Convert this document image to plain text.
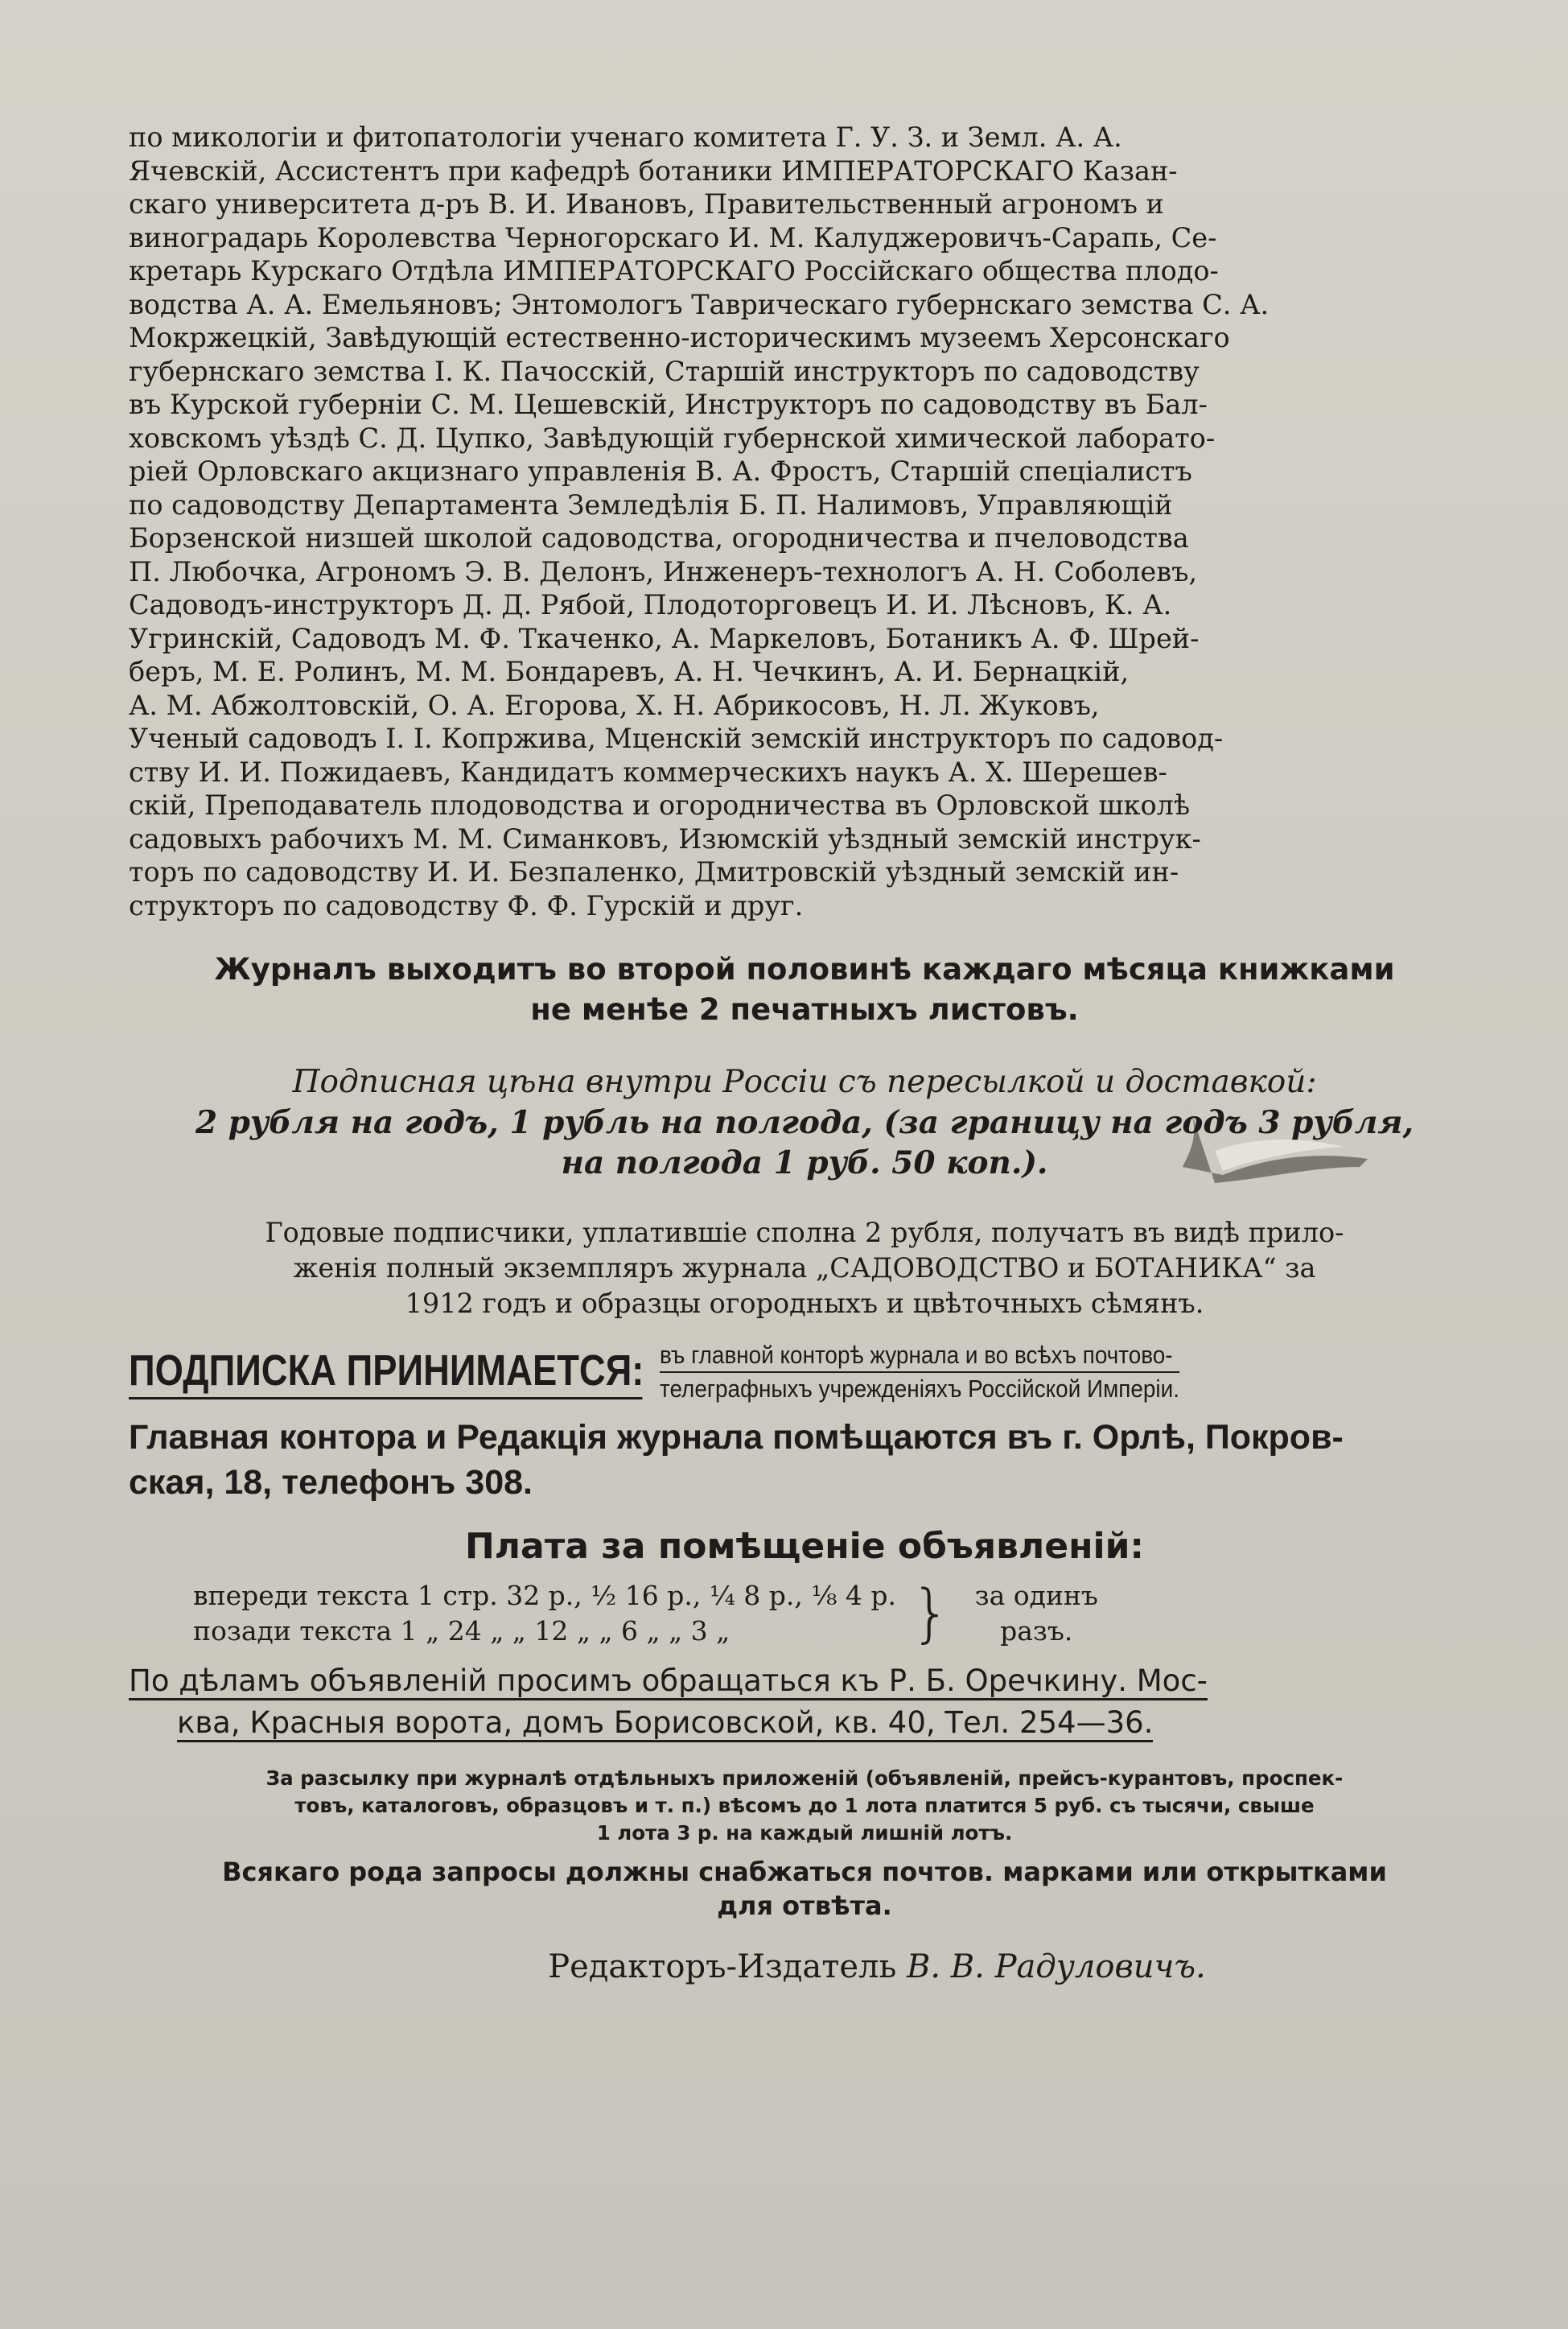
по микологіи и фитопатологіи ученаго комитета Г. У. З. и Земл. А. А.
Ячевскій, Ассистентъ при кафедрѣ ботаники ИМПЕРАТОРСКАГО Казан-
скаго университета д-ръ В. И. Ивановъ, Правительственный агрономъ и
виноградарь Королевства Черногорскаго И. М. Калуджеровичъ-Сарапь, Се-
кретарь Курскаго Отдѣла ИМПЕРАТОРСКАГО Россійскаго общества плодо-
водства А. А. Емельяновъ; Энтомологъ Таврическаго губернскаго земства С. А.
Мокржецкій, Завѣдующій естественно-историческимъ музеемъ Херсонскаго
губернскаго земства І. К. Пачосскій, Старшій инструкторъ по садоводству
въ Курской губерніи С. М. Цешевскій, Инструкторъ по садоводству въ Бал-
ховскомъ уѣздѣ С. Д. Цупко, Завѣдующій губернской химической лаборато-
ріей Орловскаго акцизнаго управленія В. А. Фростъ, Старшій спеціалистъ
по садоводству Департамента Земледѣлія Б. П. Налимовъ, Управляющій
Борзенской низшей школой садоводства, огородничества и пчеловодства
П. Любочка, Агрономъ Э. В. Делонъ, Инженеръ-технологъ А. Н. Соболевъ,
Садоводъ-инструкторъ Д. Д. Рябой, Плодоторговецъ И. И. Лѣсновъ, К. А.
Угринскій, Садоводъ М. Ф. Ткаченко, А. Маркеловъ, Ботаникъ А. Ф. Шрей-
беръ, М. Е. Ролинъ, М. М. Бондаревъ, А. Н. Чечкинъ, А. И. Бернацкій,
А. М. Абжолтовскій, О. А. Егорова, Х. Н. Абрикосовъ, Н. Л. Жуковъ,
Ученый садоводъ І. І. Копржива, Мценскій земскій инструкторъ по садовод-
ству И. И. Пожидаевъ, Кандидатъ коммерческихъ наукъ А. Х. Шерешев-
скій, Преподаватель плодоводства и огородничества въ Орловской школѣ
садовыхъ рабочихъ М. М. Симанковъ, Изюмскій уѣздный земскій инструк-
торъ по садоводству И. И. Безпаленко, Дмитровскій уѣздный земскій ин-
структоръ по садоводству Ф. Ф. Гурскій и друг.
Журналъ выходитъ во второй половинѣ каждаго мѣсяца книжками
не менѣе 2 печатныхъ листовъ.
Подписная цѣна внутри Россіи съ пересылкой и доставкой:
2 рубля на годъ, 1 рубль на полгода, (за границу на годъ 3 рубля,
на полгода 1 руб. 50 коп.).
Годовые подписчики, уплатившіе сполна 2 рубля, получатъ въ видѣ прило-
женія полный экземпляръ журнала „САДОВОДСТВО и БОТАНИКА“ за
1912 годъ и образцы огородныхъ и цвѣточныхъ сѣмянъ.
ПОДПИСКА ПРИНИМАЕТСЯ: въ главной конторѣ журнала и во всѣхъ почтово-
телеграфныхъ учрежденіяхъ Россійской Имперіи.
Главная контора и Редакція журнала помѣщаются въ г. Орлѣ, Покров-
ская, 18, телефонъ 308.
Плата за помѣщеніе объявленій:
впереди текста 1 стр. 32 р., ½ 16 р., ¼ 8 р., ⅛ 4 р.
позади текста 1 „ 24 „ „ 12 „ „ 6 „ „ 3 „	} за одинъ
разъ.
По дѣламъ объявленій просимъ обращаться къ Р. Б. Оречкину. Мос-
ква, Красныя ворота, домъ Борисовской, кв. 40, Тел. 254—36.
За разсылку при журналѣ отдѣльныхъ приложеній (объявленій, прейсъ-курантовъ, проспек-
товъ, каталоговъ, образцовъ и т. п.) вѣсомъ до 1 лота платится 5 руб. съ тысячи, свыше
1 лота 3 р. на каждый лишній лотъ.
Всякаго рода запросы должны снабжаться почтов. марками или открытками
для отвѣта.
Редакторъ-Издатель В. В. Радуловичъ.
